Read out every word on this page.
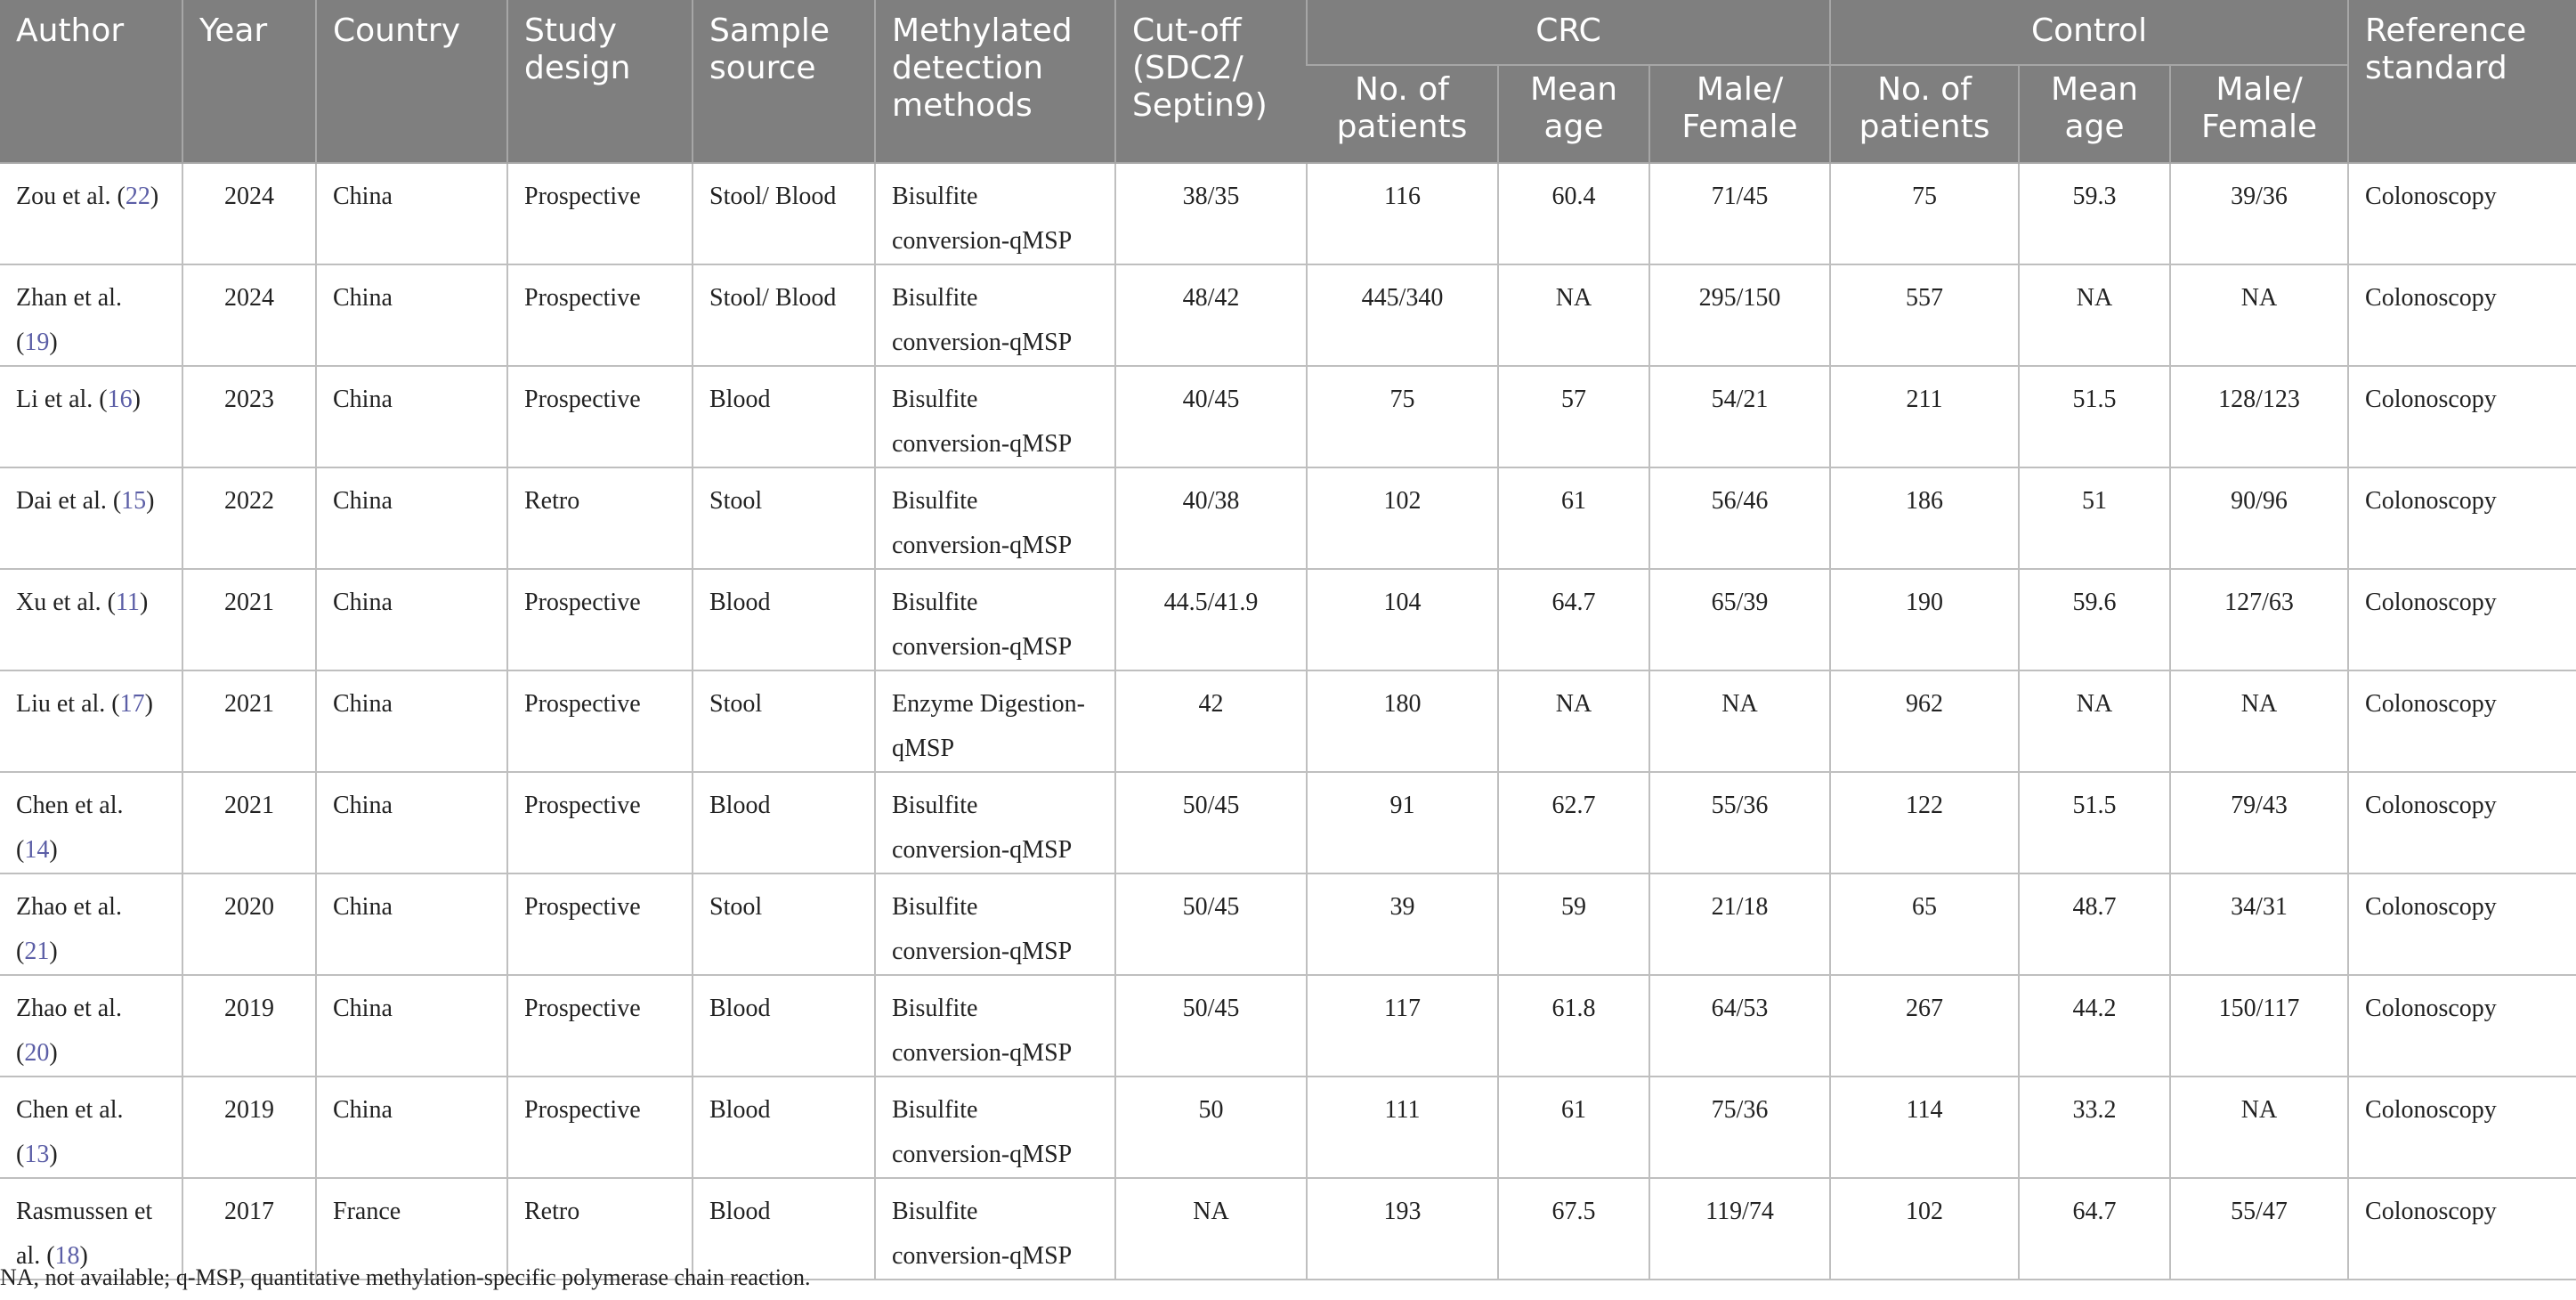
Author	Year	Country	Study design	Sample source	Methylated detection methods	Cut-off (SDC2/ Septin9)	CRC			Control			Reference standard
							No. of patients	Mean age	Male/ Female	No. of patients	Mean age	Male/ Female	
Zou et al. (22)	2024	China	Prospective	Stool/ Blood	Bisulfite conversion-qMSP	38/35	116	60.4	71/45	75	59.3	39/36	Colonoscopy
Zhan et al. (19)	2024	China	Prospective	Stool/ Blood	Bisulfite conversion-qMSP	48/42	445/340	NA	295/150	557	NA	NA	Colonoscopy
Li et al. (16)	2023	China	Prospective	Blood	Bisulfite conversion-qMSP	40/45	75	57	54/21	211	51.5	128/123	Colonoscopy
Dai et al. (15)	2022	China	Retro	Stool	Bisulfite conversion-qMSP	40/38	102	61	56/46	186	51	90/96	Colonoscopy
Xu et al. (11)	2021	China	Prospective	Blood	Bisulfite conversion-qMSP	44.5/41.9	104	64.7	65/39	190	59.6	127/63	Colonoscopy
Liu et al. (17)	2021	China	Prospective	Stool	Enzyme Digestion-qMSP	42	180	NA	NA	962	NA	NA	Colonoscopy
Chen et al. (14)	2021	China	Prospective	Blood	Bisulfite conversion-qMSP	50/45	91	62.7	55/36	122	51.5	79/43	Colonoscopy
Zhao et al. (21)	2020	China	Prospective	Stool	Bisulfite conversion-qMSP	50/45	39	59	21/18	65	48.7	34/31	Colonoscopy
Zhao et al. (20)	2019	China	Prospective	Blood	Bisulfite conversion-qMSP	50/45	117	61.8	64/53	267	44.2	150/117	Colonoscopy
Chen et al. (13)	2019	China	Prospective	Blood	Bisulfite conversion-qMSP	50	111	61	75/36	114	33.2	NA	Colonoscopy
Rasmussen et al. (18)	2017	France	Retro	Blood	Bisulfite conversion-qMSP	NA	193	67.5	119/74	102	64.7	55/47	Colonoscopy
NA, not available; q-MSP, quantitative methylation-specific polymerase chain reaction.
